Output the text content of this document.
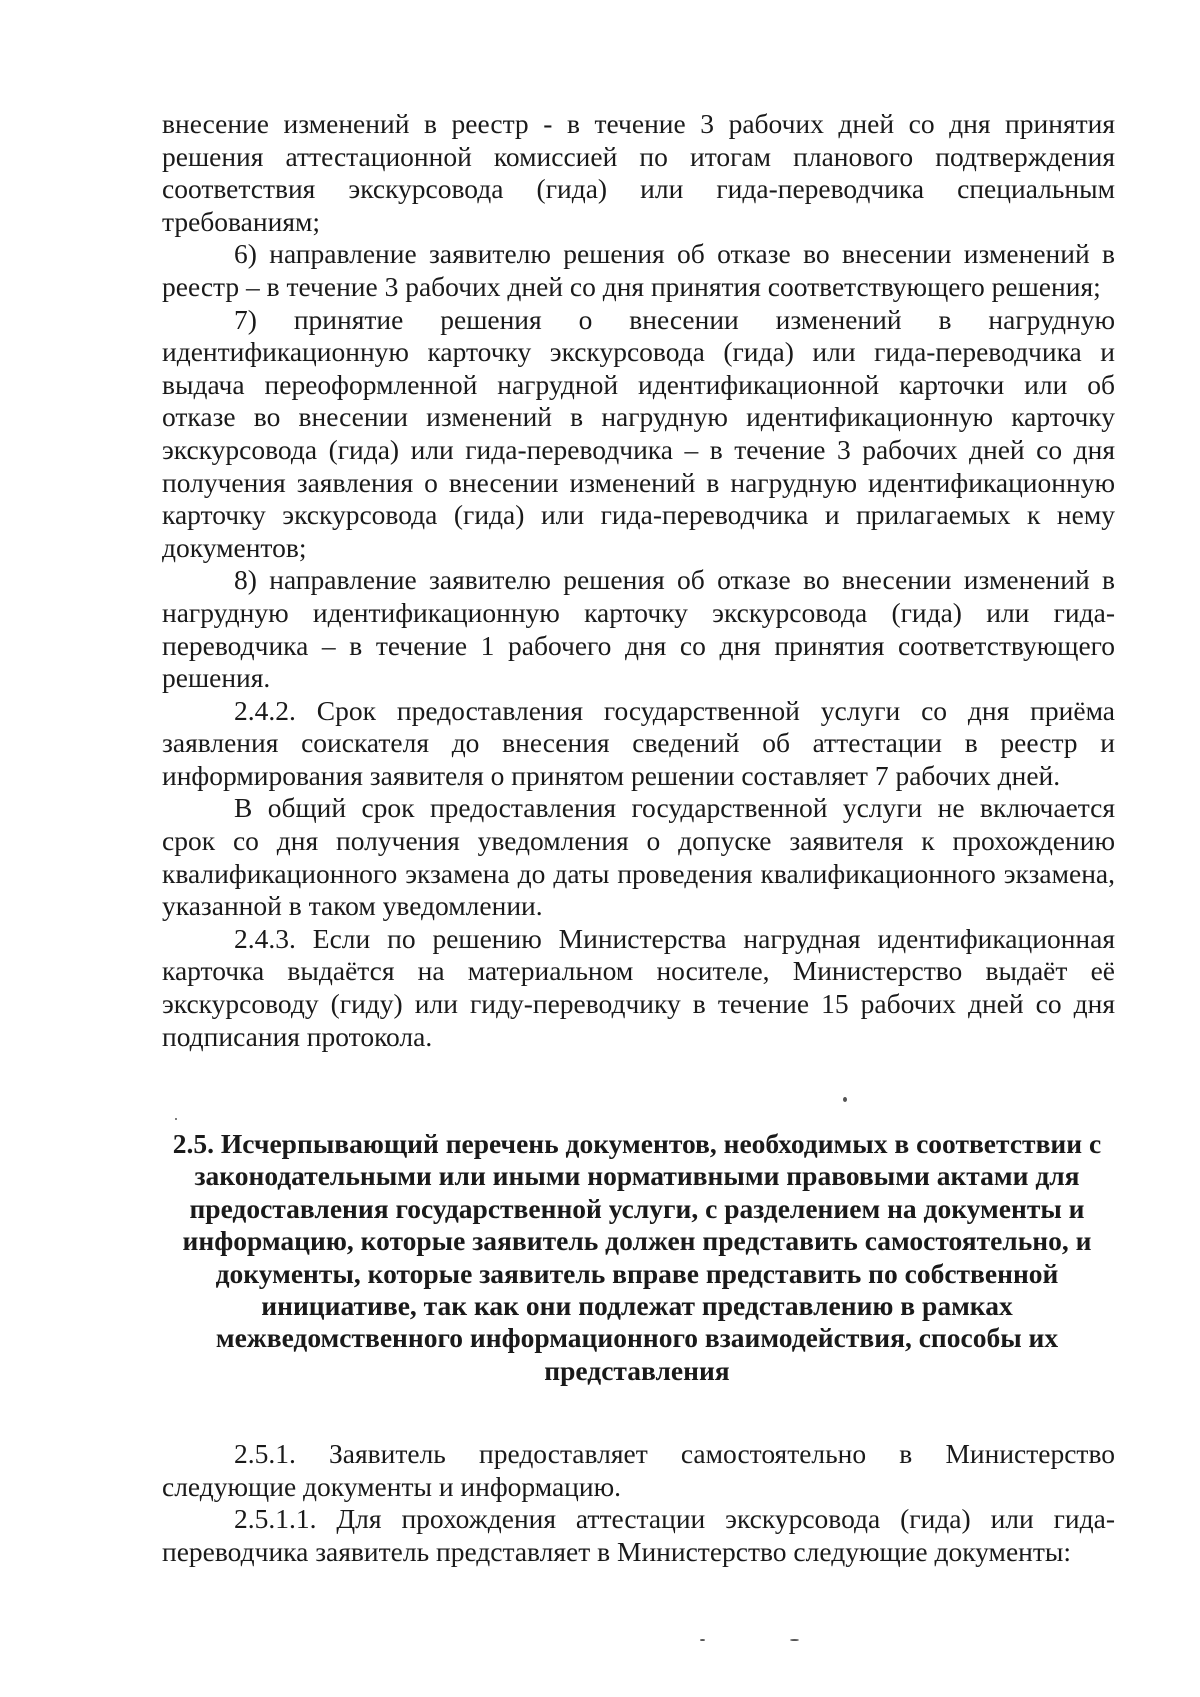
внесение изменений в реестр - в течение 3 рабочих дней со дня принятия решения аттестационной комиссией по итогам планового подтверждения соответствия экскурсовода (гида) или гида-переводчика специальным требованиям;

6) направление заявителю решения об отказе во внесении изменений в реестр – в течение 3 рабочих дней со дня принятия соответствующего решения;

7) принятие решения о внесении изменений в нагрудную идентификационную карточку экскурсовода (гида) или гида-переводчика и выдача переоформленной нагрудной идентификационной карточки или об отказе во внесении изменений в нагрудную идентификационную карточку экскурсовода (гида) или гида-переводчика – в течение 3 рабочих дней со дня получения заявления о внесении изменений в нагрудную идентификационную карточку экскурсовода (гида) или гида-переводчика и прилагаемых к нему документов;

8) направление заявителю решения об отказе во внесении изменений в нагрудную идентификационную карточку экскурсовода (гида) или гида-переводчика – в течение 1 рабочего дня со дня принятия соответствующего решения.

2.4.2. Срок предоставления государственной услуги со дня приёма заявления соискателя до внесения сведений об аттестации в реестр и информирования заявителя о принятом решении составляет 7 рабочих дней.

В общий срок предоставления государственной услуги не включается срок со дня получения уведомления о допуске заявителя к прохождению квалификационного экзамена до даты проведения квалификационного экзамена, указанной в таком уведомлении.

2.4.3. Если по решению Министерства нагрудная идентификационная карточка выдаётся на материальном носителе, Министерство выдаёт её экскурсоводу (гиду) или гиду-переводчику в течение 15 рабочих дней со дня подписания протокола.

2.5. Исчерпывающий перечень документов, необходимых в соответствии с законодательными или иными нормативными правовыми актами для предоставления государственной услуги, с разделением на документы и информацию, которые заявитель должен представить самостоятельно, и документы, которые заявитель вправе представить по собственной инициативе, так как они подлежат представлению в рамках межведомственного информационного взаимодействия, способы их представления

2.5.1. Заявитель предоставляет самостоятельно в Министерство следующие документы и информацию.

2.5.1.1. Для прохождения аттестации экскурсовода (гида) или гида-переводчика заявитель представляет в Министерство следующие документы:
